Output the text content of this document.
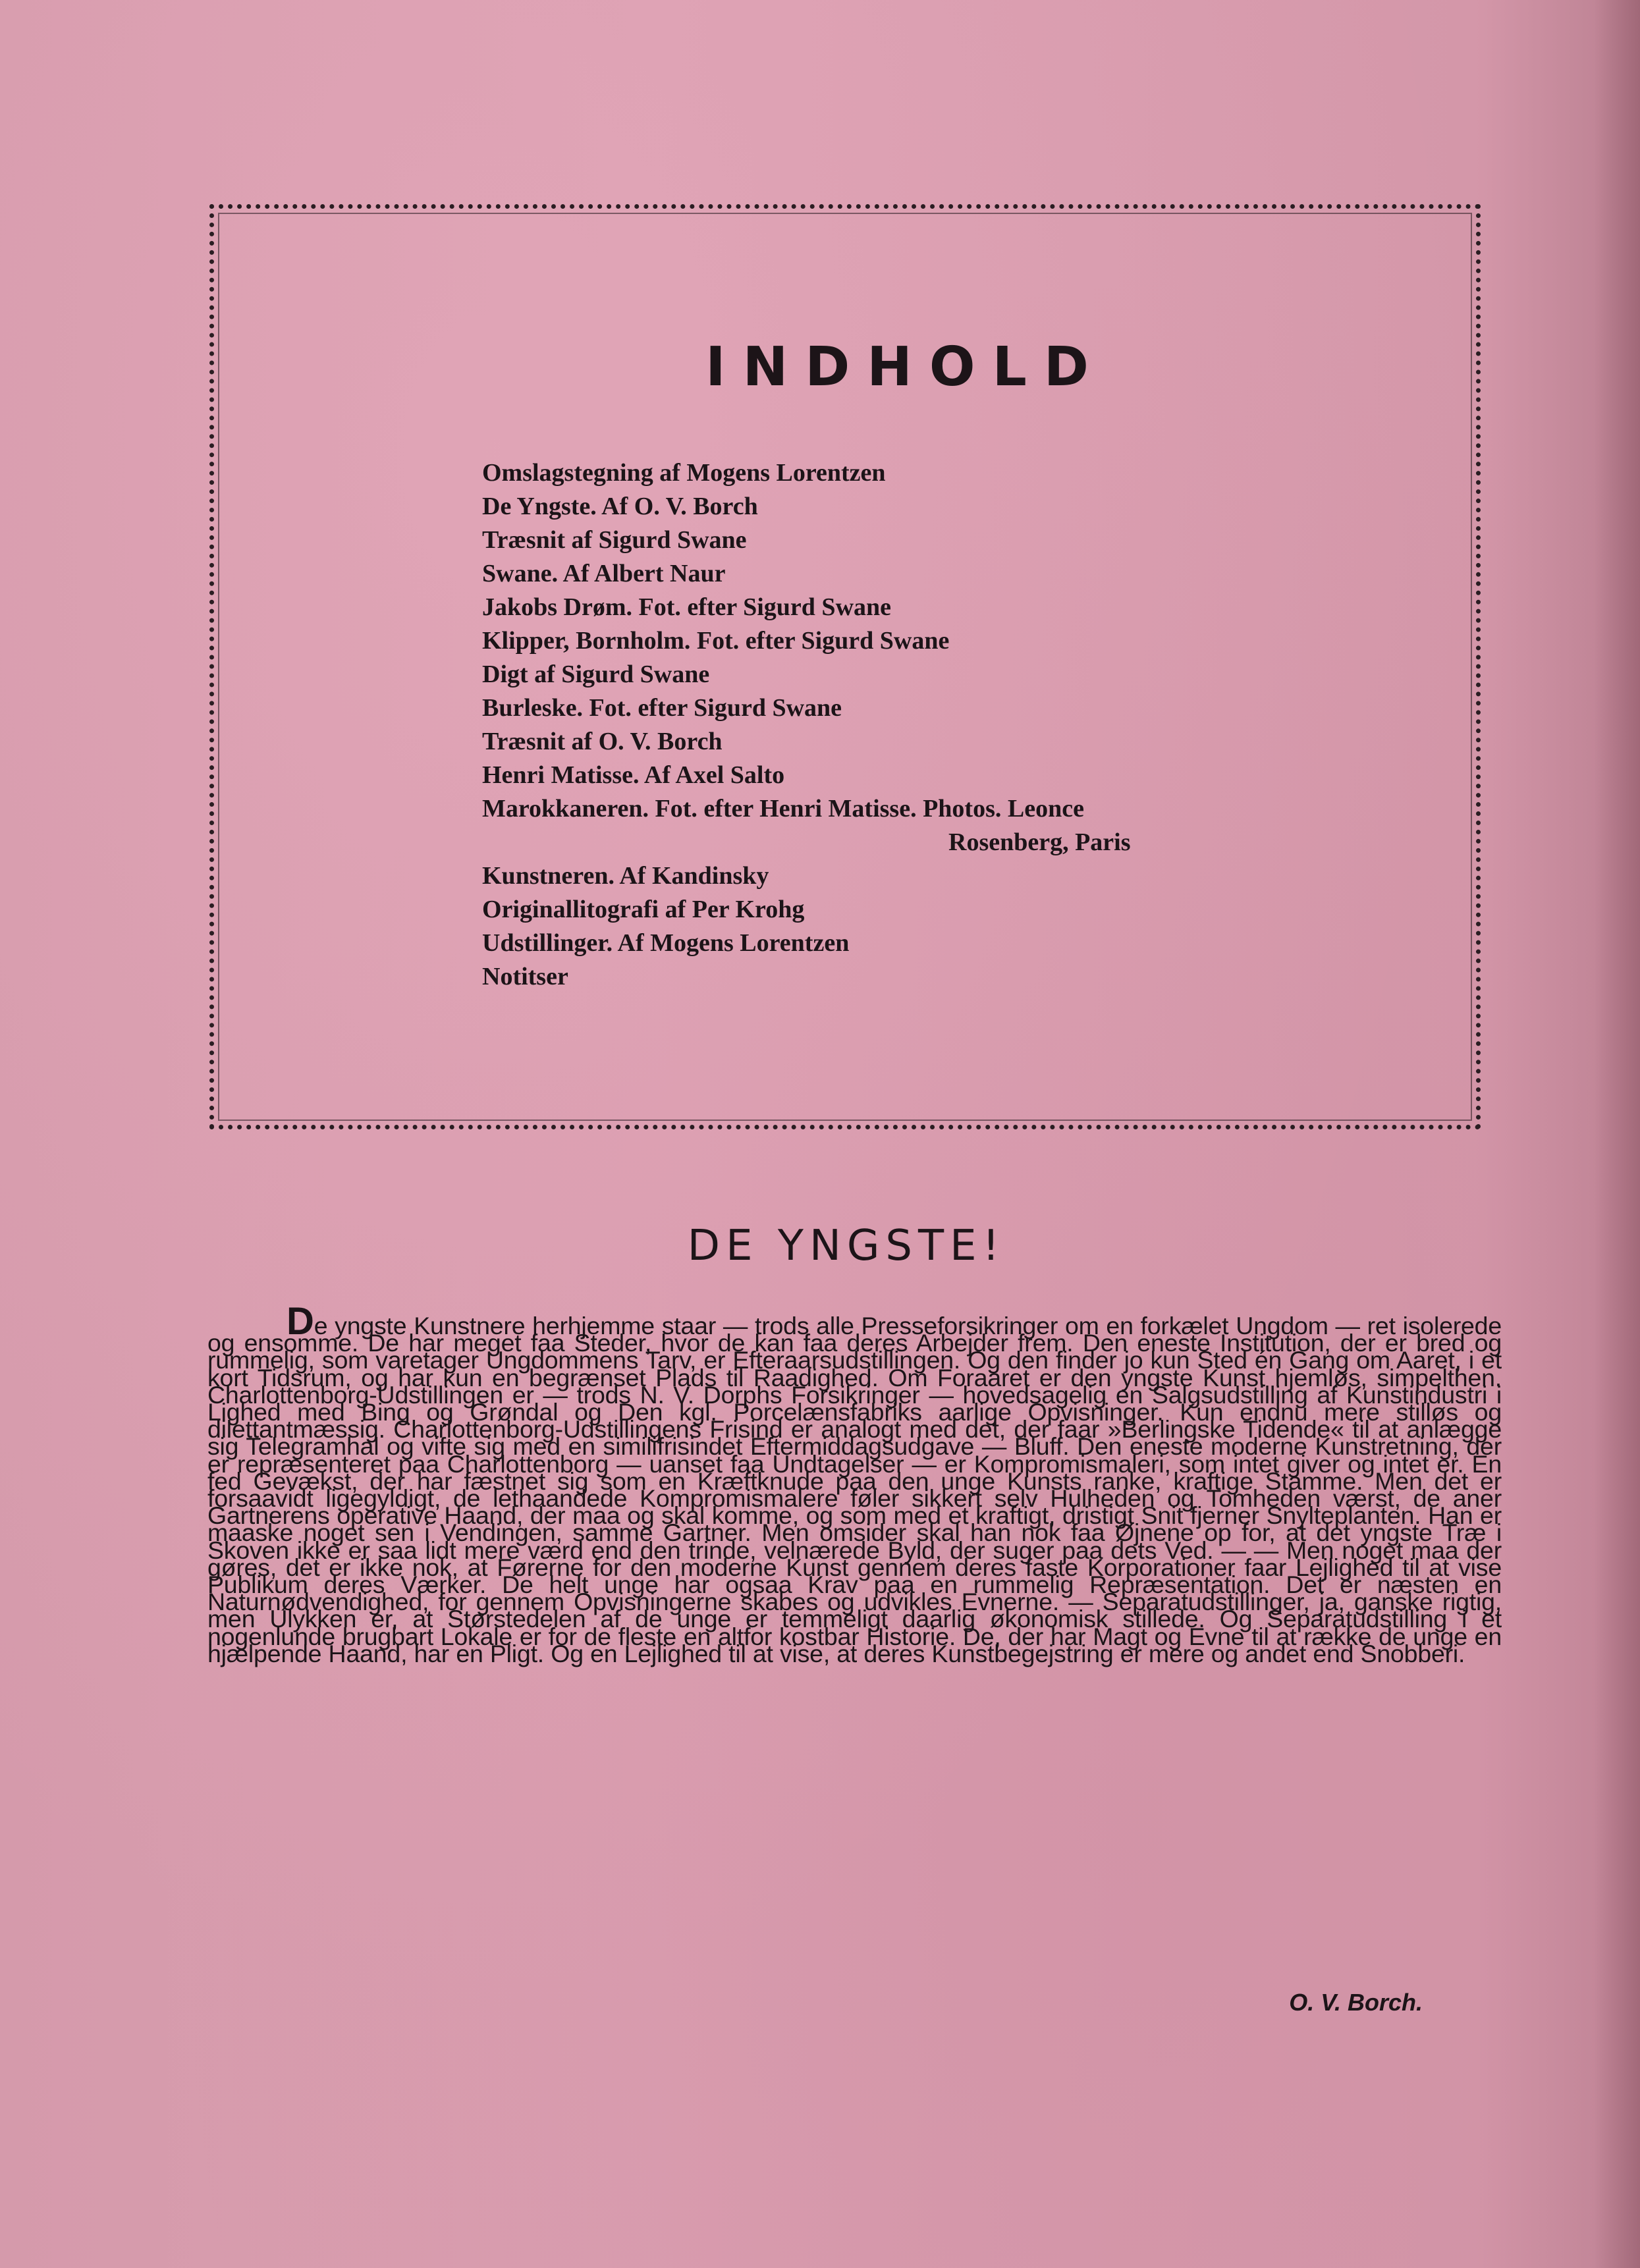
INDHOLD
Omslagstegning af Mogens Lorentzen
De Yngste. Af O. V. Borch
Træsnit af Sigurd Swane
Swane. Af Albert Naur
Jakobs Drøm. Fot. efter Sigurd Swane
Klipper, Bornholm. Fot. efter Sigurd Swane
Digt af Sigurd Swane
Burleske. Fot. efter Sigurd Swane
Træsnit af O. V. Borch
Henri Matisse. Af Axel Salto
Marokkaneren. Fot. efter Henri Matisse. Photos. Leonce
Rosenberg, Paris
Kunstneren. Af Kandinsky
Originallitografi af Per Krohg
Udstillinger. Af Mogens Lorentzen
Notitser
DE YNGSTE!

De yngste Kunstnere herhjemme staar — trods alle Presseforsikringer om en forkælet Ungdom — ret isolerede og ensomme. De har meget faa Steder, hvor de kan faa deres Arbejder frem. Den eneste Institution, der er bred og rummelig, som varetager Ungdommens Tarv, er Efteraarsudstillingen. Og den finder jo kun Sted én Gang om Aaret, i et kort Tidsrum, og har kun en begrænset Plads til Raadighed. Om Foraaret er den yngste Kunst hjemløs, simpelthen. Charlottenborg-Udstillingen er — trods N. V. Dorphs Forsikringer — hovedsagelig en Salgsudstilling af Kunstindustri i Lighed med Bing og Grøndal og Den kgl. Porcelænsfabriks aarlige Opvisninger. Kun endnu mere stilløs og dilettantmæssig. Charlottenborg-Udstillingens Frisind er analogt med det, der faar »Berlingske Tidende« til at anlægge sig Telegramhal og vifte sig med en similifrisindet Eftermiddagsudgave — Bluff. Den eneste moderne Kunstretning, der er repræsenteret paa Charlottenborg — uanset faa Undtagelser — er Kompromismaleri, som intet giver og intet er. En fed Gevækst, der har fæstnet sig som en Kræftknude paa den unge Kunsts ranke, kraftige Stamme. Men det er forsaavidt ligegyldigt, de lethaandede Kompromismalere føler sikkert selv Hulheden og Tomheden værst, de aner Gartnerens operative Haand, der maa og skal komme, og som med et kraftigt, dristigt Snit fjerner Snylteplanten. Han er maaske noget sen i Vendingen, samme Gartner. Men omsider skal han nok faa Øjnene op for, at det yngste Træ i Skoven ikke er saa lidt mere værd end den trinde, velnærede Byld, der suger paa dets Ved. — — Men noget maa der gøres, det er ikke nok, at Førerne for den moderne Kunst gennem deres faste Korporationer faar Lejlighed til at vise Publikum deres Værker. De helt unge har ogsaa Krav paa en rummelig Repræsentation. Det er næsten en Naturnødvendighed, for gennem Opvisningerne skabes og udvikles Evnerne. — Separatudstillinger, ja, ganske rigtig, men Ulykken er, at Størstedelen af de unge er temmeligt daarlig økonomisk stillede. Og Separatudstilling i et nogenlunde brugbart Lokale er for de fleste en altfor kostbar Historie. De, der har Magt og Evne til at række de unge en hjælpende Haand, har en Pligt. Og en Lejlighed til at vise, at deres Kunstbegejstring er mere og andet end Snobberi.

O. V. Borch.
